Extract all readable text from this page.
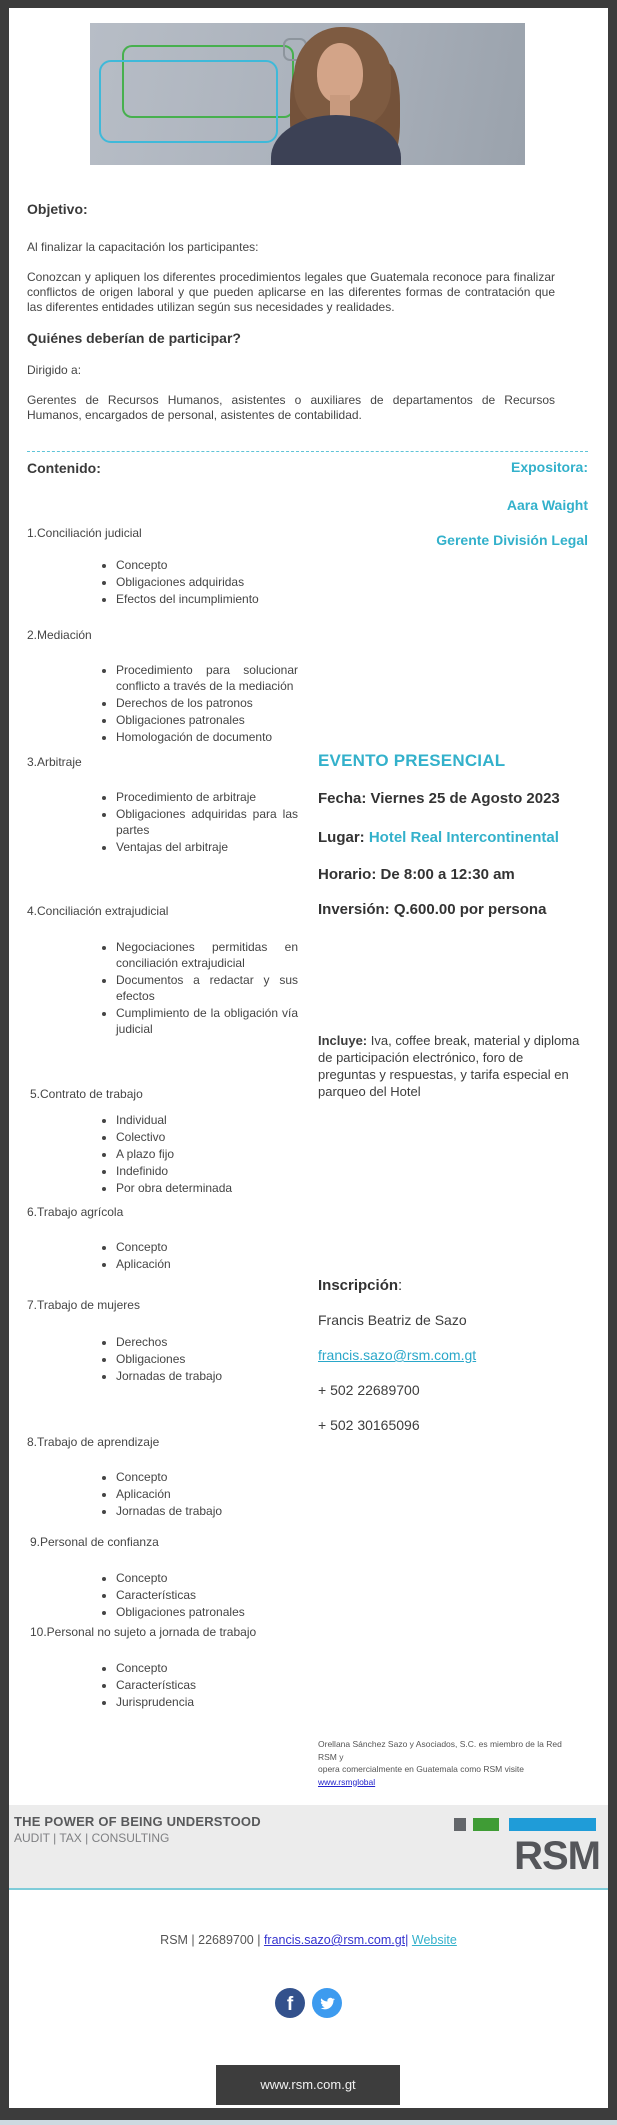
Objetivo:
Al finalizar la capacitación los participantes:
Conozcan y apliquen los diferentes procedimientos legales que Guatemala reconoce para finalizar conflictos de origen laboral y que pueden aplicarse en las diferentes formas de contratación que las diferentes entidades utilizan según sus necesidades y realidades.
Quiénes deberían de participar?
Dirigido a:
Gerentes de Recursos Humanos, asistentes o auxiliares de departamentos de Recursos Humanos, encargados de personal, asistentes de contabilidad.
Contenido:
1.Conciliación judicial
• Concepto
• Obligaciones adquiridas
• Efectos del incumplimiento
2.Mediación
• Procedimiento para solucionar conflicto a través de la mediación
• Derechos de los patronos
• Obligaciones patronales
• Homologación de documento
3.Arbitraje
• Procedimiento de arbitraje
• Obligaciones adquiridas para las partes
• Ventajas del arbitraje
4.Conciliación extrajudicial
• Negociaciones permitidas en conciliación extrajudicial
• Documentos a redactar y sus efectos
• Cumplimiento de la obligación vía judicial
5.Contrato de trabajo
• Individual
• Colectivo
• A plazo fijo
• Indefinido
• Por obra determinada
6.Trabajo agrícola
• Concepto
• Aplicación
7.Trabajo de mujeres
• Derechos
• Obligaciones
• Jornadas de trabajo
8.Trabajo de aprendizaje
• Concepto
• Aplicación
• Jornadas de trabajo
9.Personal de confianza
• Concepto
• Características
• Obligaciones patronales
10.Personal no sujeto a jornada de trabajo
• Concepto
• Características
• Jurisprudencia
Expositora:
Aara Waight
Gerente División Legal
EVENTO PRESENCIAL
Fecha: Viernes 25 de Agosto 2023
Lugar: Hotel Real Intercontinental
Horario: De 8:00 a 12:30 am
Inversión: Q.600.00 por persona
Incluye: Iva, coffee break, material y diploma de participación electrónico, foro de preguntas y respuestas, y tarifa especial en parqueo del Hotel
Inscripción:
Francis Beatriz de Sazo
francis.sazo@rsm.com.gt
+ 502 22689700
+ 502 30165096
Orellana Sánchez Sazo y Asociados, S.C. es miembro de la Red RSM y
opera comercialmente en Guatemala como RSM visite www.rsmglobal
THE POWER OF BEING UNDERSTOOD
AUDIT | TAX | CONSULTING	RSM
RSM | 22689700 | francis.sazo@rsm.com.gt| Website
f
www.rsm.com.gt
